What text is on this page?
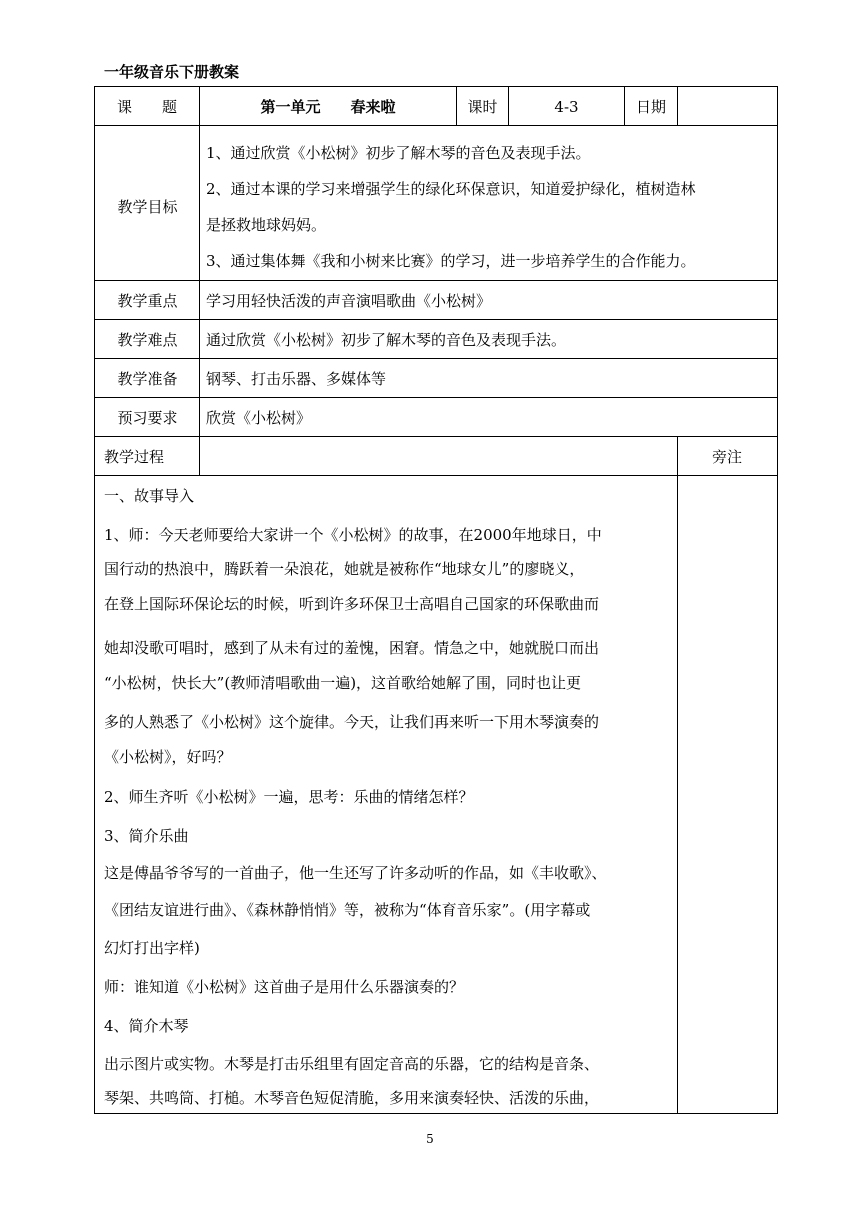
一年级音乐下册教案
课　　题	第一单元　　春来啦	课时	4-3	日期
教学目标
1、通过欣赏《小松树》初步了解木琴的音色及表现手法。
2、通过本课的学习来增强学生的绿化环保意识，知道爱护绿化，植树造林
是拯救地球妈妈。
3、通过集体舞《我和小树来比赛》的学习，进一步培养学生的合作能力。
教学重点	学习用轻快活泼的声音演唱歌曲《小松树》
教学难点	通过欣赏《小松树》初步了解木琴的音色及表现手法。
教学准备	钢琴、打击乐器、多媒体等
预习要求	欣赏《小松树》
教学过程	旁注
一、故事导入
1、师：今天老师要给大家讲一个《小松树》的故事，在2000年地球日，中
国行动的热浪中，腾跃着一朵浪花，她就是被称作“地球女儿”的廖晓义，
在登上国际环保论坛的时候，听到许多环保卫士高唱自己国家的环保歌曲而
她却没歌可唱时，感到了从未有过的羞愧，困窘。情急之中，她就脱口而出
“小松树，快长大”(教师清唱歌曲一遍)，这首歌给她解了围，同时也让更
多的人熟悉了《小松树》这个旋律。今天，让我们再来听一下用木琴演奏的
《小松树》，好吗？
2、师生齐听《小松树》一遍，思考：乐曲的情绪怎样？
3、简介乐曲
这是傅晶爷爷写的一首曲子，他一生还写了许多动听的作品，如《丰收歌》、
《团结友谊进行曲》、《森林静悄悄》等，被称为“体育音乐家”。(用字幕或
幻灯打出字样)
师：谁知道《小松树》这首曲子是用什么乐器演奏的？
4、简介木琴
出示图片或实物。木琴是打击乐组里有固定音高的乐器，它的结构是音条、
琴架、共鸣筒、打槌。木琴音色短促清脆，多用来演奏轻快、活泼的乐曲，
5
